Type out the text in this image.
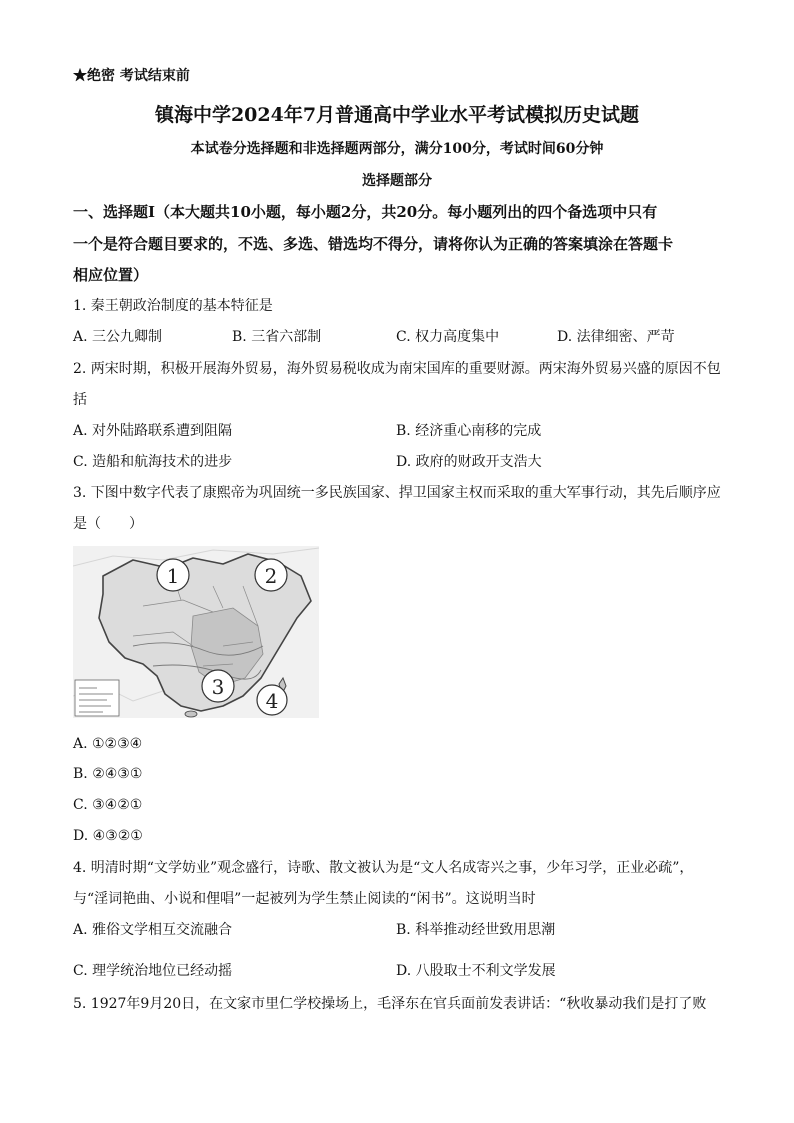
★绝密 考试结束前
镇海中学2024年7月普通高中学业水平考试模拟历史试题
本试卷分选择题和非选择题两部分，满分100分，考试时间60分钟
选择题部分
一、选择题Ⅰ（本大题共10小题，每小题2分，共20分。每小题列出的四个备选项中只有
一个是符合题目要求的，不选、多选、错选均不得分，请将你认为正确的答案填涂在答题卡
相应位置）
1. 秦王朝政治制度的基本特征是
A. 三公九卿制	B. 三省六部制	C. 权力高度集中	D. 法律细密、严苛
2. 两宋时期，积极开展海外贸易，海外贸易税收成为南宋国库的重要财源。两宋海外贸易兴盛的原因不包
括
A. 对外陆路联系遭到阻隔	B. 经济重心南移的完成
C. 造船和航海技术的进步	D. 政府的财政开支浩大
3. 下图中数字代表了康熙帝为巩固统一多民族国家、捍卫国家主权而采取的重大军事行动，其先后顺序应
是（　　）
1	2
3
4
A. ①②③④
B. ②④③①
C. ③④②①
D. ④③②①
4. 明清时期“文学妨业”观念盛行，诗歌、散文被认为是“文人名成寄兴之事，少年习学，正业必疏”，
与“淫词艳曲、小说和俚唱”一起被列为学生禁止阅读的“闲书”。这说明当时
A. 雅俗文学相互交流融合	B. 科举推动经世致用思潮
C. 理学统治地位已经动摇	D. 八股取士不利文学发展
5. 1927年9月20日，在文家市里仁学校操场上，毛泽东在官兵面前发表讲话：“秋收暴动我们是打了败
